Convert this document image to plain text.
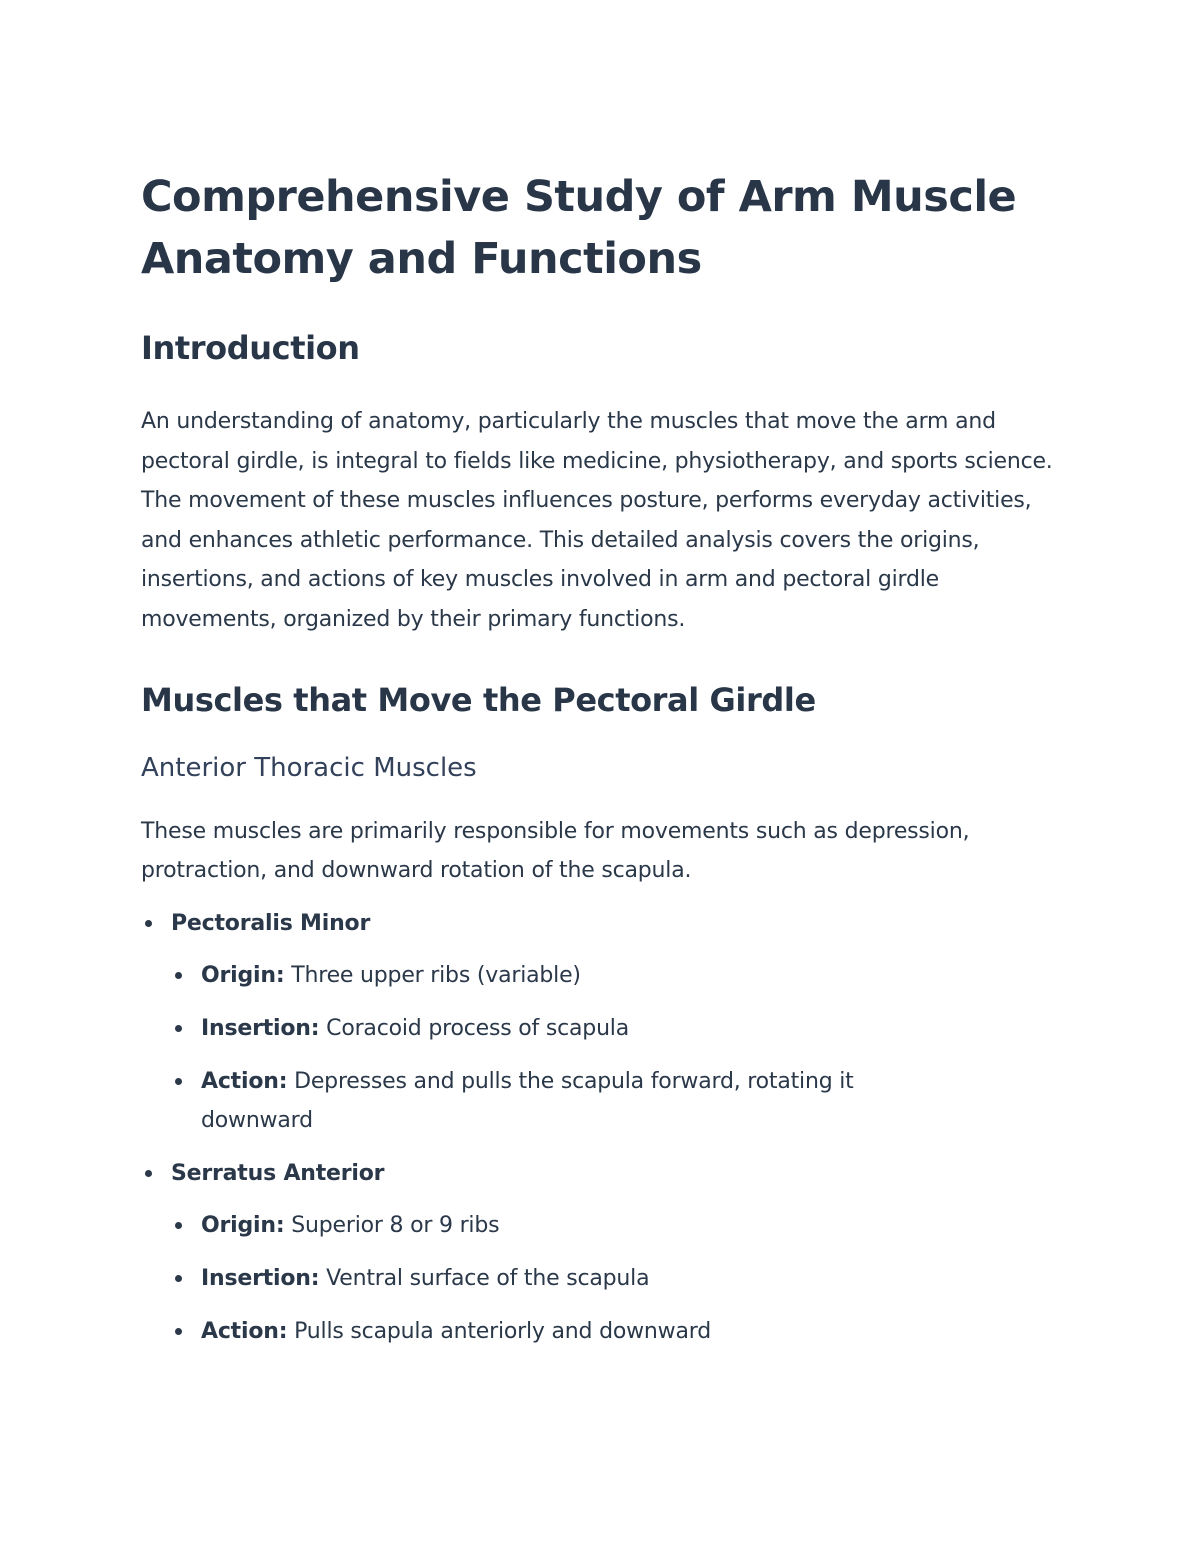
Comprehensive Study of Arm Muscle Anatomy and Functions
Introduction

An understanding of anatomy, particularly the muscles that move the arm and pectoral girdle, is integral to fields like medicine, physiotherapy, and sports science. The movement of these muscles influences posture, performs everyday activities, and enhances athletic performance. This detailed analysis covers the origins, insertions, and actions of key muscles involved in arm and pectoral girdle movements, organized by their primary functions.

Muscles that Move the Pectoral Girdle
Anterior Thoracic Muscles

These muscles are primarily responsible for movements such as depression, protraction, and downward rotation of the scapula.

Pectoralis Minor
Origin: Three upper ribs (variable)
Insertion: Coracoid process of scapula
Action: Depresses and pulls the scapula forward, rotating it downward
Serratus Anterior
Origin: Superior 8 or 9 ribs
Insertion: Ventral surface of the scapula
Action: Pulls scapula anteriorly and downward
